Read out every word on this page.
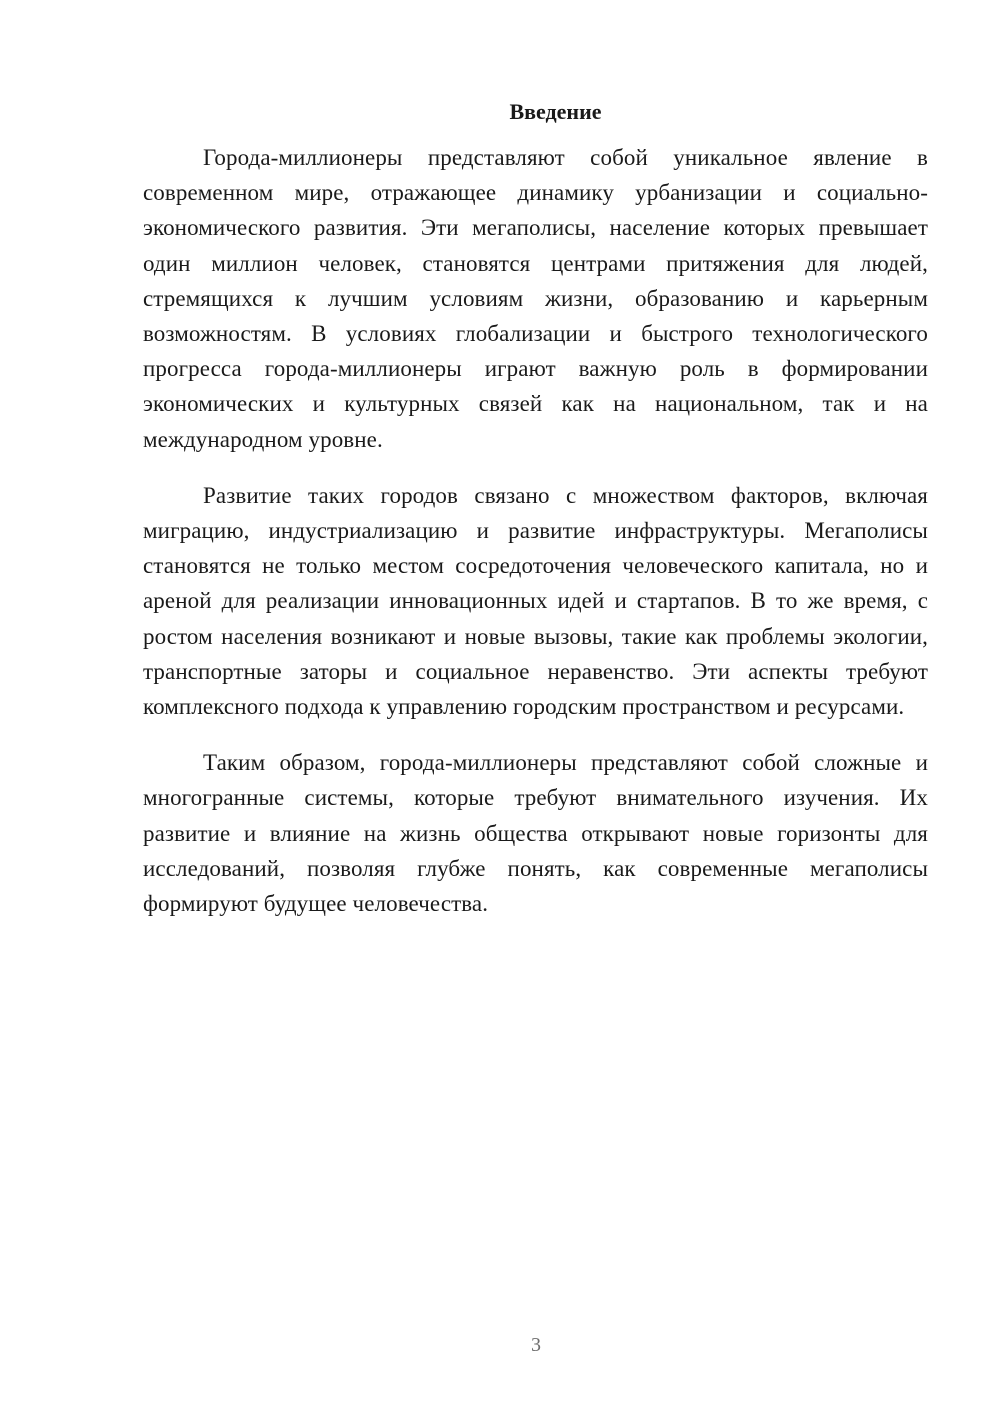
Введение

Города-миллионеры представляют собой уникальное явление в современном мире, отражающее динамику урбанизации и социально-экономического развития. Эти мегаполисы, население которых превышает один миллион человек, становятся центрами притяжения для людей, стремящихся к лучшим условиям жизни, образованию и карьерным возможностям. В условиях глобализации и быстрого технологического прогресса города-миллионеры играют важную роль в формировании экономических и культурных связей как на национальном, так и на международном уровне.

Развитие таких городов связано с множеством факторов, включая миграцию, индустриализацию и развитие инфраструктуры. Мегаполисы становятся не только местом сосредоточения человеческого капитала, но и ареной для реализации инновационных идей и стартапов. В то же время, с ростом населения возникают и новые вызовы, такие как проблемы экологии, транспортные заторы и социальное неравенство. Эти аспекты требуют комплексного подхода к управлению городским пространством и ресурсами.

Таким образом, города-миллионеры представляют собой сложные и многогранные системы, которые требуют внимательного изучения. Их развитие и влияние на жизнь общества открывают новые горизонты для исследований, позволяя глубже понять, как современные мегаполисы формируют будущее человечества.

3
